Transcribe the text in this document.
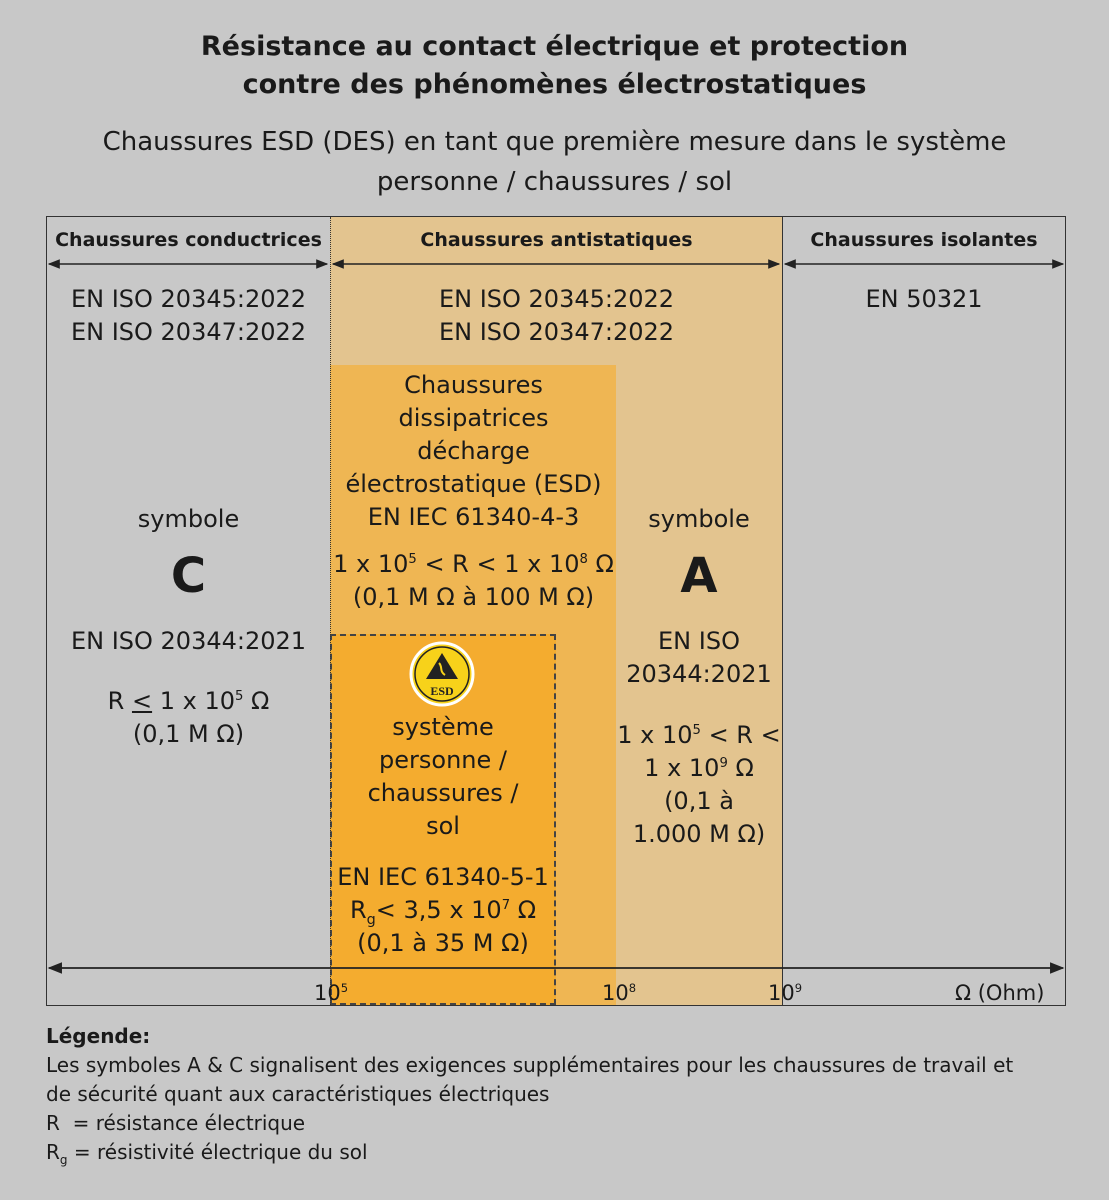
Résistance au contact électrique et protection
contre des phénomènes électrostatiques
Chaussures ESD (DES) en tant que première mesure dans le système
personne / chaussures / sol
Chaussures conductrices	Chaussures antistatiques	Chaussures isolantes
EN ISO 20345:2022
EN ISO 20347:2022
symbole
C
EN ISO 20344:2021
R < 1 x $10^5$ Ω
(0,1 M Ω)
EN ISO 20345:2022
EN ISO 20347:2022
Chaussures
dissipatrices
décharge
électrostatique (ESD)
EN IEC 61340-4-3
1 x $10^5 < R < 1$ x $10^8$ Ω
(0,1 M Ω à 100 M Ω)
symbole
A
EN ISO
20344:2021
1 x $10^5 < R$ <
1 x $10^9$ Ω
(0,1 à
1.000 M Ω)
EN 50321
ESD
système
personne /
chaussures /
sol
EN IEC 61340-5-1
$R_g< 3,5$ x $10^7$ Ω
(0,1 à 35 M Ω)
$10^5$	$10^8$	$10^9$	Ω (Ohm)
Légende:
Les symboles A & C signalisent des exigences supplémentaires pour les chaussures de travail et
de sécurité quant aux caractéristiques électriques
R  = résistance électrique
$R_g$ = résistivité électrique du sol
